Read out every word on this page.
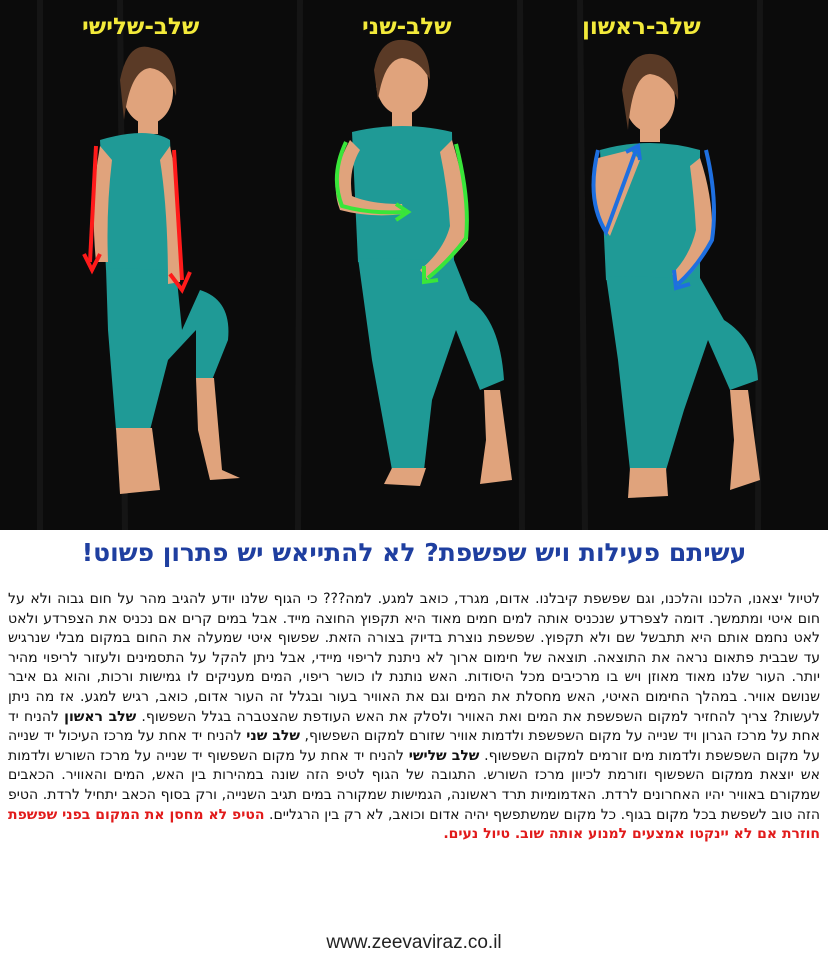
שלב-שלישי	שלב-שני	שלב-ראשון
עשיתם פעילות ויש שפשפת? לא להתייאש יש פתרון פשוט!
לטיול יצאנו, הלכנו והלכנו, וגם שפשפת קיבלנו. אדום, מגרד, כואב למגע. למה??? כי הגוף שלנו יודע להגיב מהר על חום גבוה ולא על חום איטי ומתמשך. דומה לצפרדע שנכניס אותה למים חמים מאוד היא תקפוץ החוצה מייד. אבל במים קרים אם נכניס את הצפרדע ולאט לאט נחמם אותם היא תתבשל שם ולא תקפוץ. שפשפת נוצרת בדיוק בצורה הזאת. שפשוף איטי שמעלה את החום במקום מבלי שנרגיש עד שבבית פתאום נראה את התוצאה. תוצאה של חימום ארוך לא ניתנת לריפוי מיידי, אבל ניתן להקל על התסמינים ולעזור לריפוי מהיר יותר. העור שלנו מאוד מאוזן ויש בו מרכיבים מכל היסודות. האש נותנת לו כושר ריפוי, המים מעניקים לו גמישות ורכות, והוא גם איבר שנושם אוויר. במהלך החימום האיטי, האש מחסלת את המים וגם את האוויר בעור ובגלל זה העור אדום, כואב, רגיש למגע. אז מה ניתן לעשות? צריך להחזיר למקום השפשפת את המים ואת האוויר ולסלק את האש העודפת שהצטברה בגלל השפשוף. שלב ראשון להניח יד אחת על מרכז הגרון ויד שנייה על מקום השפשפת ולדמות אוויר שזורם למקום השפשוף, שלב שני להניח יד אחת על מרכז העיכול יד שנייה על מקום השפשפת ולדמות מים זורמים למקום השפשוף. שלב שלישי להניח יד אחת על מקום השפשוף יד שנייה על מרכז השורש ולדמות אש יוצאת ממקום השפשוף וזורמת לכיוון מרכז השורש. התגובה של הגוף לטיפ הזה שונה במהירות בין האש, המים והאוויר. הכאבים שמקורם באוויר יהיו האחרונים לרדת. האדמומיות תרד ראשונה, הגמישות שמקורה במים תגיב השנייה, ורק בסוף הכאב יתחיל לרדת. הטיפ הזה טוב לשפשת בכל מקום בגוף. כל מקום שמשתפשף יהיה אדום וכואב, לא רק בין הרגליים. הטיפ לא מחסן את המקום בפני שפשפת חוזרת אם לא יינקטו אמצעים למנוע אותה שוב. טיול נעים.
www.zeevaviraz.co.il
